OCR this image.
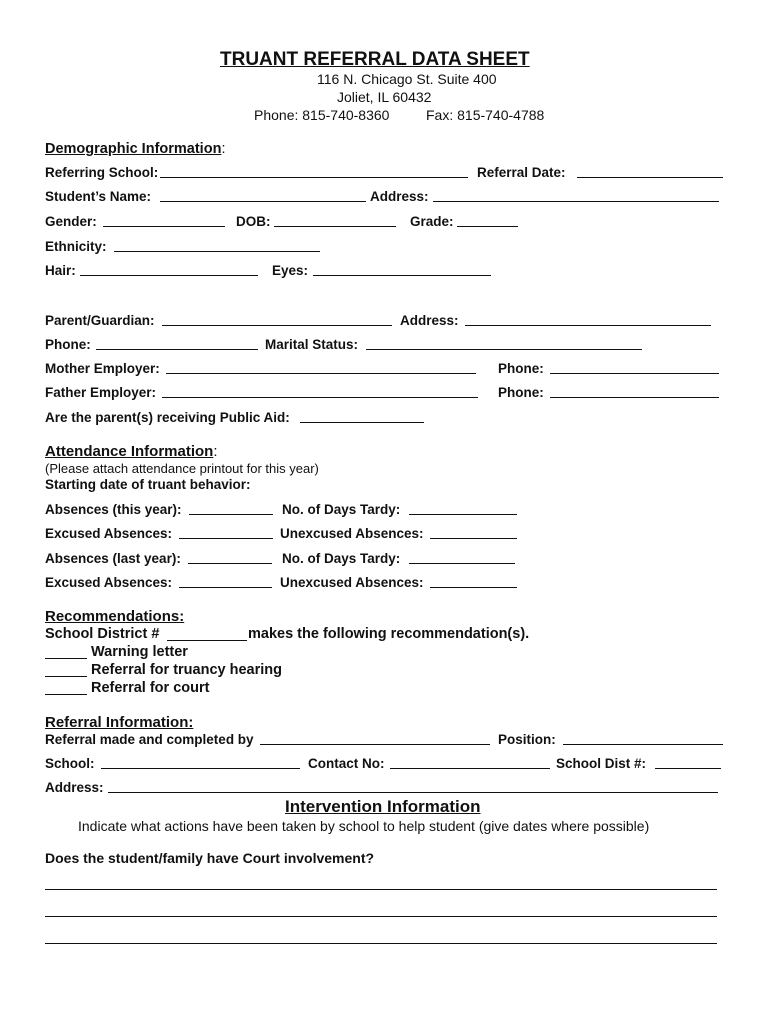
TRUANT REFERRAL DATA SHEET
116 N. Chicago St. Suite 400
Joliet, IL 60432
Phone: 815-740-8360	Fax: 815-740-4788
Demographic Information:
Referring School:	Referral Date:
Student’s Name:	Address:
Gender:	DOB:	Grade:
Ethnicity:
Hair:	Eyes:
Parent/Guardian:	Address:
Phone:	Marital Status:
Mother Employer:	Phone:
Father Employer:	Phone:
Are the parent(s) receiving Public Aid:
Attendance Information:
(Please attach attendance printout for this year)
Starting date of truant behavior:
Absences (this year):	No. of Days Tardy:
Excused Absences:	Unexcused Absences:
Absences (last year):	No. of Days Tardy:
Excused Absences:	Unexcused Absences:
Recommendations:
School District #	makes the following recommendation(s).
Warning letter
Referral for truancy hearing
Referral for court
Referral Information:
Referral made and completed by	Position:
School:	Contact No:	School Dist #:
Address:
Intervention Information
Indicate what actions have been taken by school to help student (give dates where possible)
Does the student/family have Court involvement?
